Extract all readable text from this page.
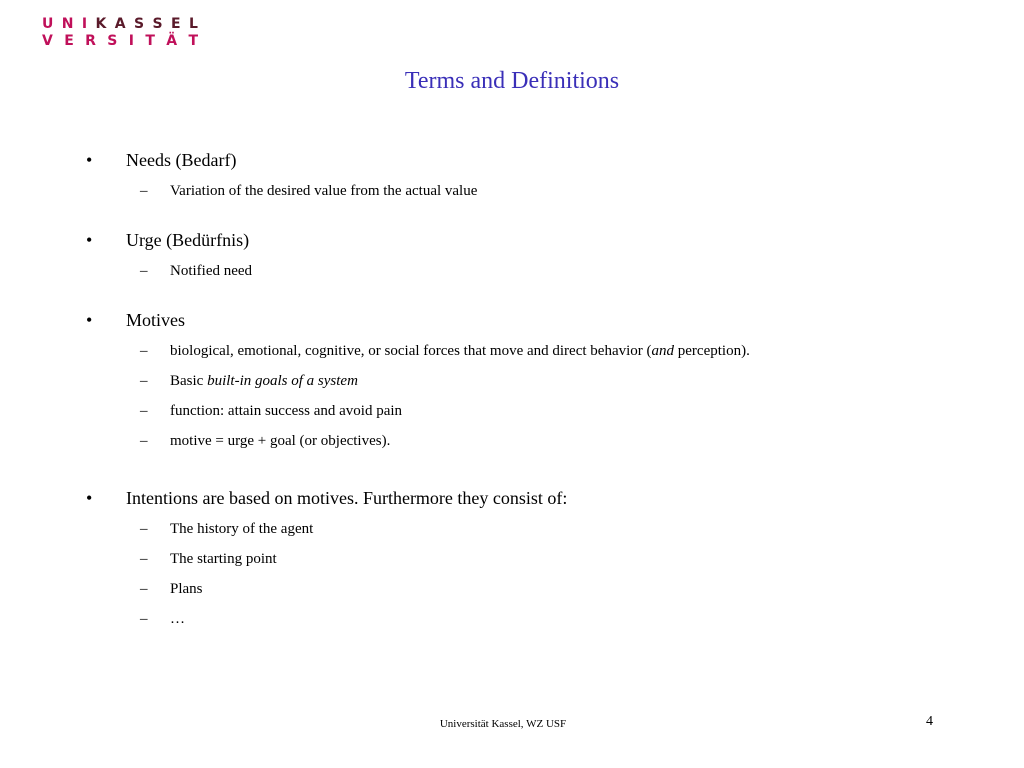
U N I K A S S E L
V E R S I T Ä T
Terms and Definitions
•	Needs (Bedarf)
– Variation of the desired value from the actual value
•	Urge (Bedürfnis)
– Notified need
•	Motives
– biological, emotional, cognitive, or social forces that move and direct behavior (and perception).
– Basic built-in goals of a system
– function: attain success and avoid pain
– motive = urge + goal (or objectives).
•	Intentions are based on motives. Furthermore they consist of:
– The history of the agent
– The starting point
– Plans
– …
Universität Kassel, WZ USF	4
